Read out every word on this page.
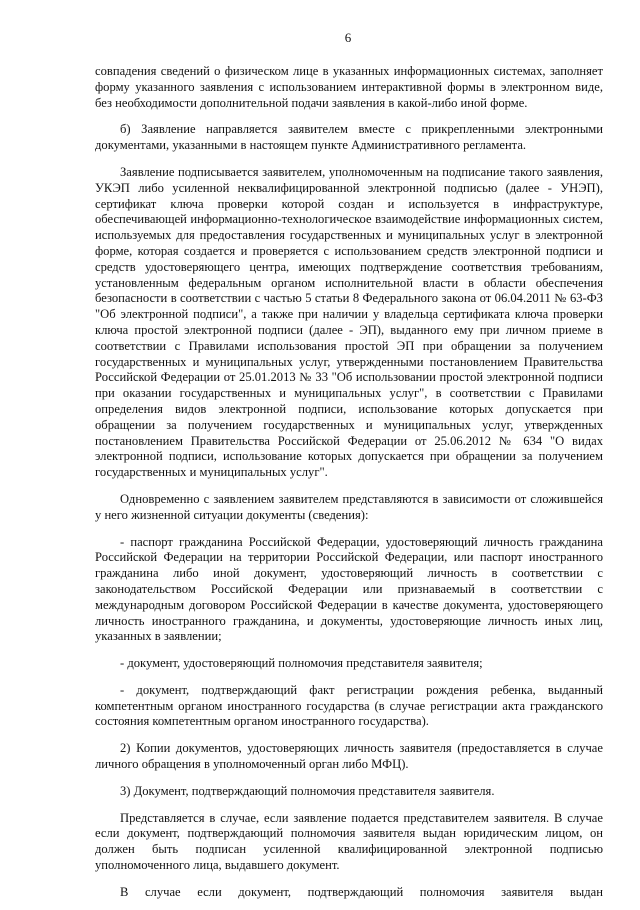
6

совпадения сведений о физическом лице в указанных информационных системах, заполняет форму указанного заявления с использованием интерактивной формы в электронном виде, без необходимости дополнительной подачи заявления в какой-либо иной форме.

б) Заявление направляется заявителем вместе с прикрепленными электронными документами, указанными в настоящем пункте Административного регламента.

Заявление подписывается заявителем, уполномоченным на подписание такого заявления, УКЭП либо усиленной неквалифицированной электронной подписью (далее - УНЭП), сертификат ключа проверки которой создан и используется в инфраструктуре, обеспечивающей информационно-технологическое взаимодействие информационных систем, используемых для предоставления государственных и муниципальных услуг в электронной форме, которая создается и проверяется с использованием средств электронной подписи и средств удостоверяющего центра, имеющих подтверждение соответствия требованиям, установленным федеральным органом исполнительной власти в области обеспечения безопасности в соответствии с частью 5 статьи 8 Федерального закона от 06.04.2011 № 63-ФЗ "Об электронной подписи", а также при наличии у владельца сертификата ключа проверки ключа простой электронной подписи (далее - ЭП), выданного ему при личном приеме в соответствии с Правилами использования простой ЭП при обращении за получением государственных и муниципальных услуг, утвержденными постановлением Правительства Российской Федерации от 25.01.2013 № 33 "Об использовании простой электронной подписи при оказании государственных и муниципальных услуг", в соответствии с Правилами определения видов электронной подписи, использование которых допускается при обращении за получением государственных и муниципальных услуг, утвержденных постановлением Правительства Российской Федерации от 25.06.2012 № 634 "О видах электронной подписи, использование которых допускается при обращении за получением государственных и муниципальных услуг".

Одновременно с заявлением заявителем представляются в зависимости от сложившейся у него жизненной ситуации документы (сведения):

- паспорт гражданина Российской Федерации, удостоверяющий личность гражданина Российской Федерации на территории Российской Федерации, или паспорт иностранного гражданина либо иной документ, удостоверяющий личность в соответствии с законодательством Российской Федерации или признаваемый в соответствии с международным договором Российской Федерации в качестве документа, удостоверяющего личность иностранного гражданина, и документы, удостоверяющие личность иных лиц, указанных в заявлении;

- документ, удостоверяющий полномочия представителя заявителя;

- документ, подтверждающий факт регистрации рождения ребенка, выданный компетентным органом иностранного государства (в случае регистрации акта гражданского состояния компетентным органом иностранного государства).

2) Копии документов, удостоверяющих личность заявителя (предоставляется в случае личного обращения в уполномоченный орган либо МФЦ).

3) Документ, подтверждающий полномочия представителя заявителя.

Представляется в случае, если заявление подается представителем заявителя. В случае если документ, подтверждающий полномочия заявителя выдан юридическим лицом, он должен быть подписан усиленной квалифицированной электронной подписью уполномоченного лица, выдавшего документ.

В случае если документ, подтверждающий полномочия заявителя выдан
